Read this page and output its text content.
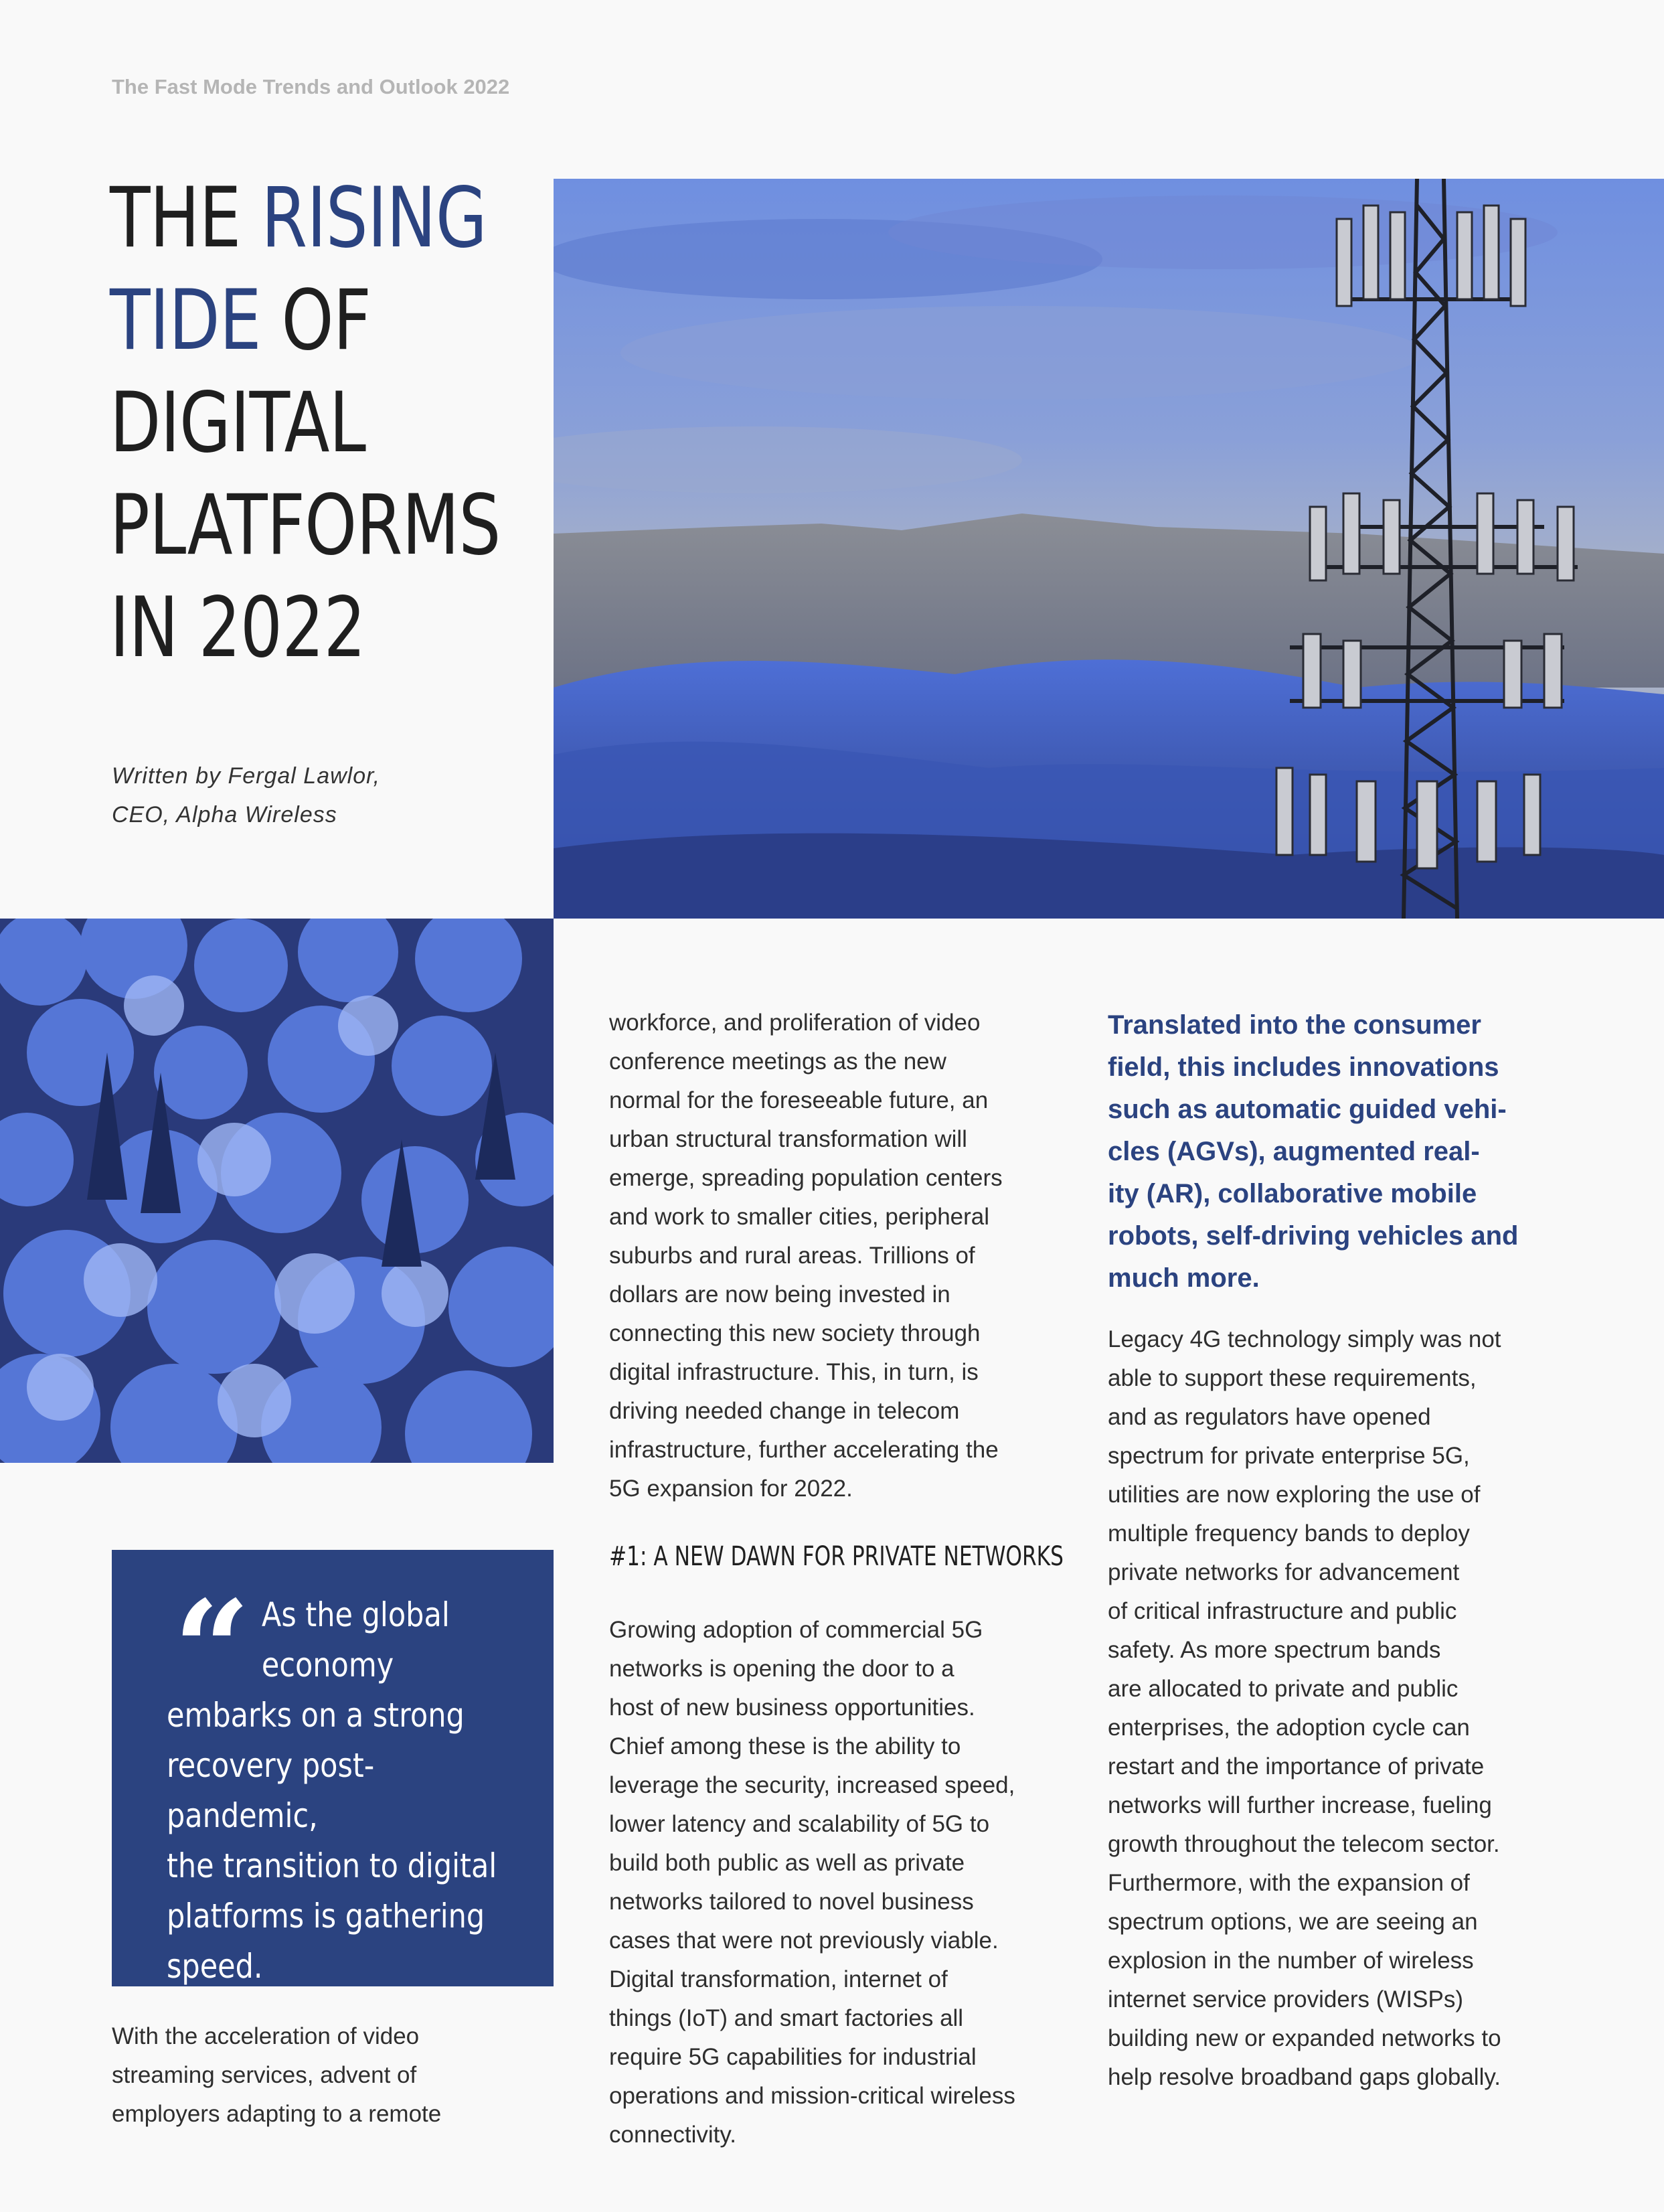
The Fast Mode Trends and Outlook 2022
THE RISING
TIDE OF
DIGITAL
PLATFORMS
IN 2022
Written by Fergal Lawlor,
CEO, Alpha Wireless
“ As the global
economy
embarks on a strong
recovery post-pandemic,
the transition to digital
platforms is gathering
speed.
With the acceleration of video
streaming services, advent of
employers adapting to a remote
workforce, and proliferation of video
conference meetings as the new
normal for the foreseeable future, an
urban structural transformation will
emerge, spreading population centers
and work to smaller cities, peripheral
suburbs and rural areas. Trillions of
dollars are now being invested in
connecting this new society through
digital infrastructure. This, in turn, is
driving needed change in telecom
infrastructure, further accelerating the
5G expansion for 2022.
#1: A NEW DAWN FOR PRIVATE NETWORKS
Growing adoption of commercial 5G
networks is opening the door to a
host of new business opportunities.
Chief among these is the ability to
leverage the security, increased speed,
lower latency and scalability of 5G to
build both public as well as private
networks tailored to novel business
cases that were not previously viable.
Digital transformation, internet of
things (IoT) and smart factories all
require 5G capabilities for industrial
operations and mission-critical wireless
connectivity.
Translated into the consumer
field, this includes innovations
such as automatic guided vehi-
cles (AGVs), augmented real-
ity (AR), collaborative mobile
robots, self-driving vehicles and
much more.
Legacy 4G technology simply was not
able to support these requirements,
and as regulators have opened
spectrum for private enterprise 5G,
utilities are now exploring the use of
multiple frequency bands to deploy
private networks for advancement
of critical infrastructure and public
safety. As more spectrum bands
are allocated to private and public
enterprises, the adoption cycle can
restart and the importance of private
networks will further increase, fueling
growth throughout the telecom sector.
Furthermore, with the expansion of
spectrum options, we are seeing an
explosion in the number of wireless
internet service providers (WISPs)
building new or expanded networks to
help resolve broadband gaps globally.
